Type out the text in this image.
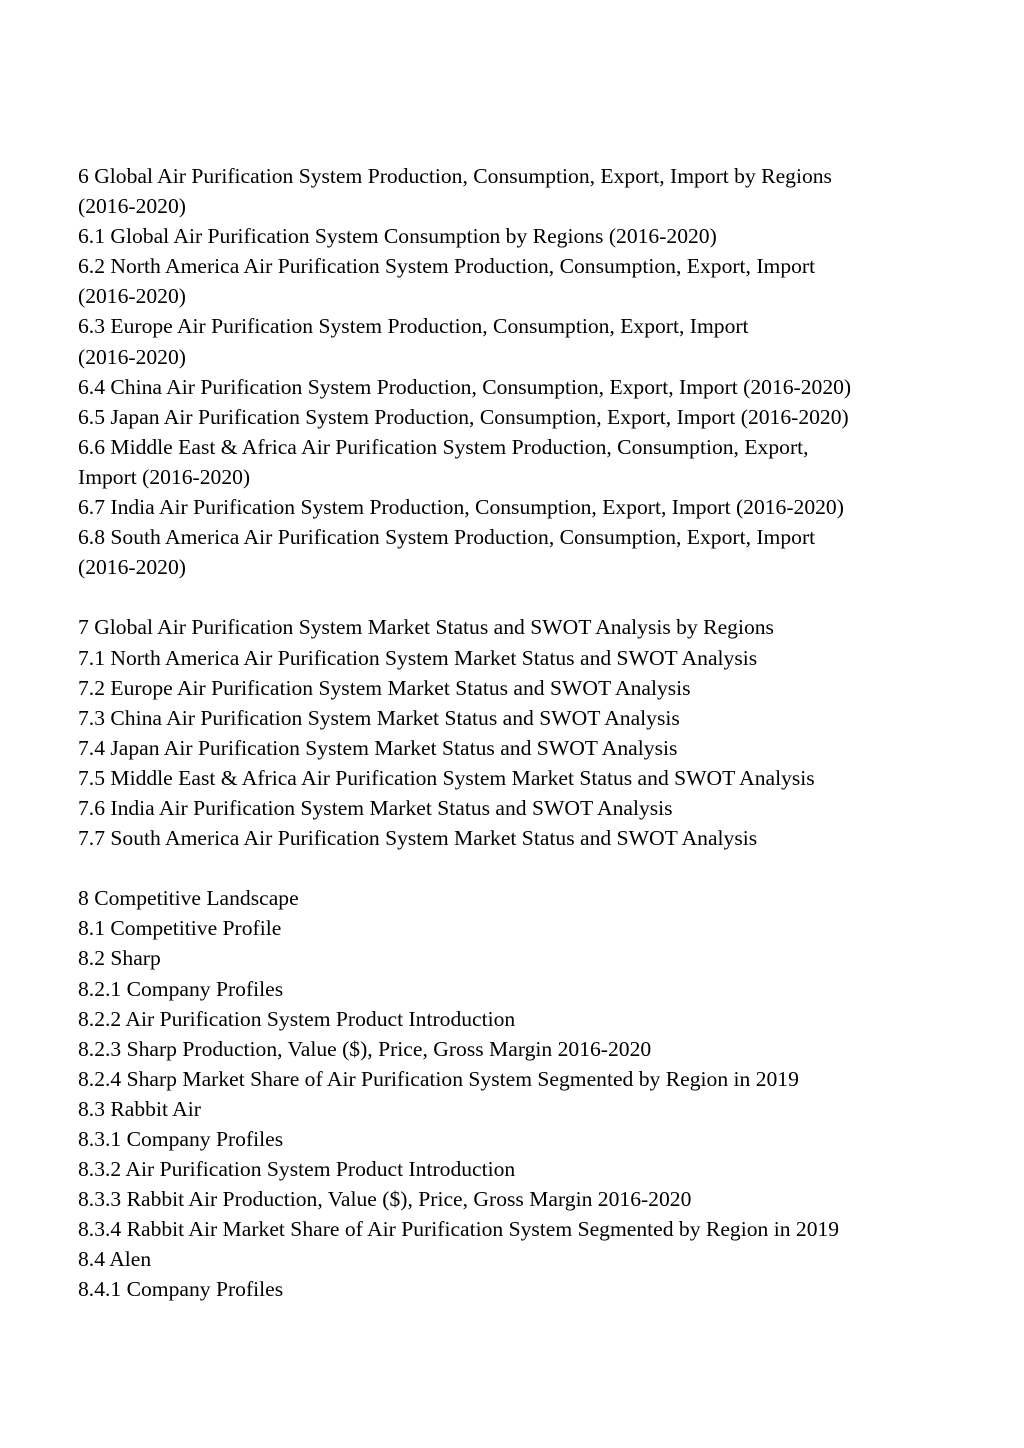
6 Global Air Purification System Production, Consumption, Export, Import by Regions

(2016-2020)

6.1 Global Air Purification System Consumption by Regions (2016-2020)

6.2 North America Air Purification System Production, Consumption, Export, Import

(2016-2020)

6.3 Europe Air Purification System Production, Consumption, Export, Import

(2016-2020)

6.4 China Air Purification System Production, Consumption, Export, Import (2016-2020)

6.5 Japan Air Purification System Production, Consumption, Export, Import (2016-2020)

6.6 Middle East & Africa Air Purification System Production, Consumption, Export,

Import (2016-2020)

6.7 India Air Purification System Production, Consumption, Export, Import (2016-2020)

6.8 South America Air Purification System Production, Consumption, Export, Import

(2016-2020)

7 Global Air Purification System Market Status and SWOT Analysis by Regions

7.1 North America Air Purification System Market Status and SWOT Analysis

7.2 Europe Air Purification System Market Status and SWOT Analysis

7.3 China Air Purification System Market Status and SWOT Analysis

7.4 Japan Air Purification System Market Status and SWOT Analysis

7.5 Middle East & Africa Air Purification System Market Status and SWOT Analysis

7.6 India Air Purification System Market Status and SWOT Analysis

7.7 South America Air Purification System Market Status and SWOT Analysis

8 Competitive Landscape

8.1 Competitive Profile

8.2 Sharp

8.2.1 Company Profiles

8.2.2 Air Purification System Product Introduction

8.2.3 Sharp Production, Value ($), Price, Gross Margin 2016-2020

8.2.4 Sharp Market Share of Air Purification System Segmented by Region in 2019

8.3 Rabbit Air

8.3.1 Company Profiles

8.3.2 Air Purification System Product Introduction

8.3.3 Rabbit Air Production, Value ($), Price, Gross Margin 2016-2020

8.3.4 Rabbit Air Market Share of Air Purification System Segmented by Region in 2019

8.4 Alen

8.4.1 Company Profiles
